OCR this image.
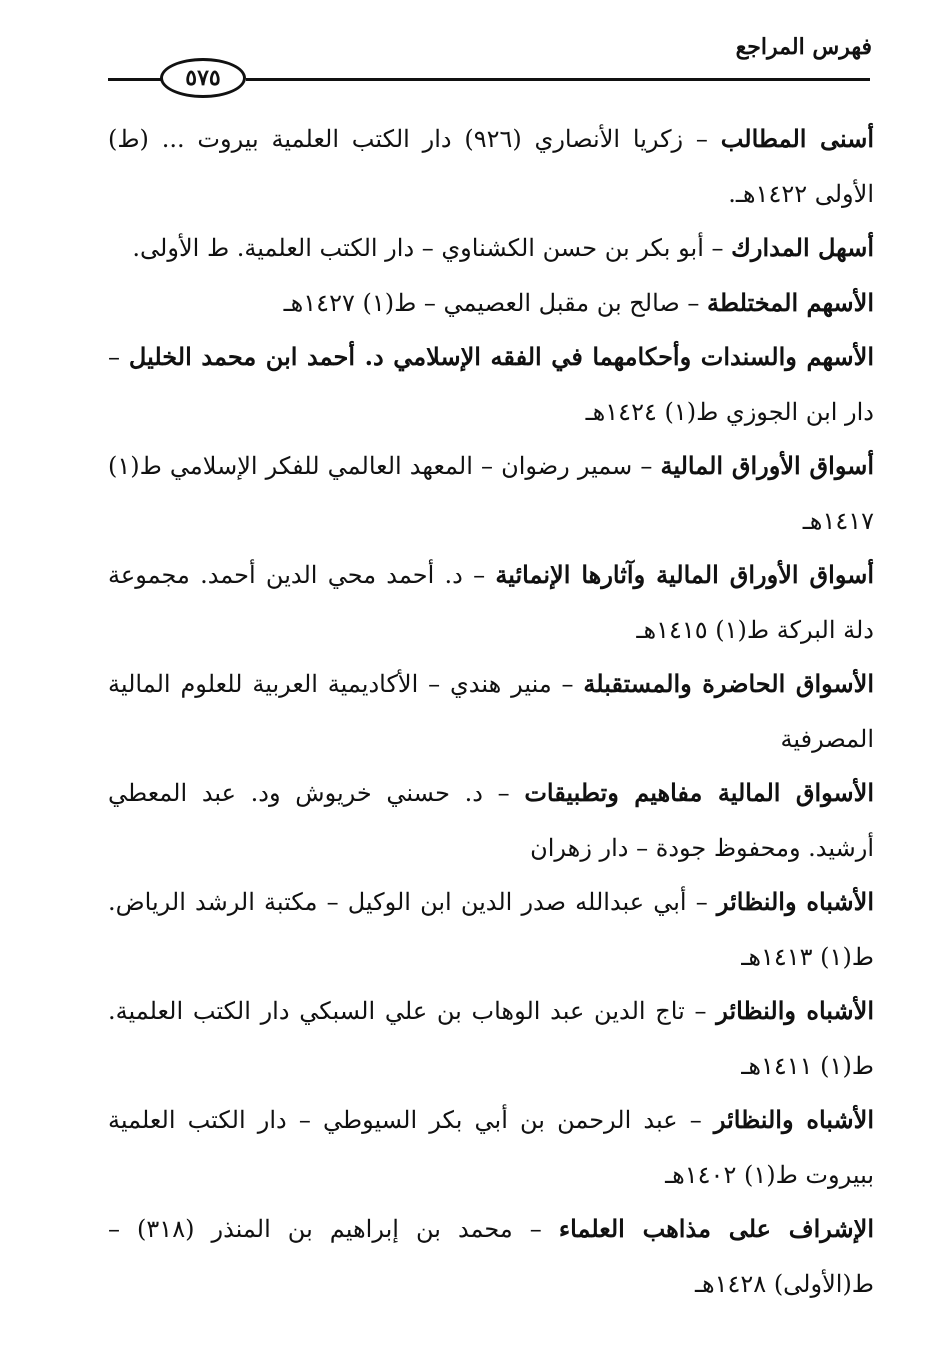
فهرس المراجع
٥٧٥

أسنى المطالب – زكريا الأنصاري (٩٢٦) دار الكتب العلمية بيروت ... (ط) الأولى ١٤٢٢هـ.

أسهل المدارك – أبو بكر بن حسن الكشناوي – دار الكتب العلمية. ط الأولى.

الأسهم المختلطة – صالح بن مقبل العصيمي – ط(١) ١٤٢٧هـ

الأسهم والسندات وأحكامهما في الفقه الإسلامي د. أحمد ابن محمد الخليل – دار ابن الجوزي ط(١) ١٤٢٤هـ

أسواق الأوراق المالية – سمير رضوان – المعهد العالمي للفكر الإسلامي ط(١) ١٤١٧هـ

أسواق الأوراق المالية وآثارها الإنمائية – د. أحمد محي الدين أحمد. مجموعة دلة البركة ط(١) ١٤١٥هـ

الأسواق الحاضرة والمستقبلة – منير هندي – الأكاديمية العربية للعلوم المالية المصرفية

الأسواق المالية مفاهيم وتطبيقات – د. حسني خريوش ود. عبد المعطي أرشيد. ومحفوظ جودة – دار زهران

الأشباه والنظائر – أبي عبدالله صدر الدين ابن الوكيل – مكتبة الرشد الرياض. ط(١) ١٤١٣هـ

الأشباه والنظائر – تاج الدين عبد الوهاب بن علي السبكي دار الكتب العلمية. ط(١) ١٤١١هـ

الأشباه والنظائر – عبد الرحمن بن أبي بكر السيوطي – دار الكتب العلمية ببيروت ط(١) ١٤٠٢هـ

الإشراف على مذاهب العلماء – محمد بن إبراهيم بن المنذر (٣١٨) – ط(الأولى) ١٤٢٨هـ
